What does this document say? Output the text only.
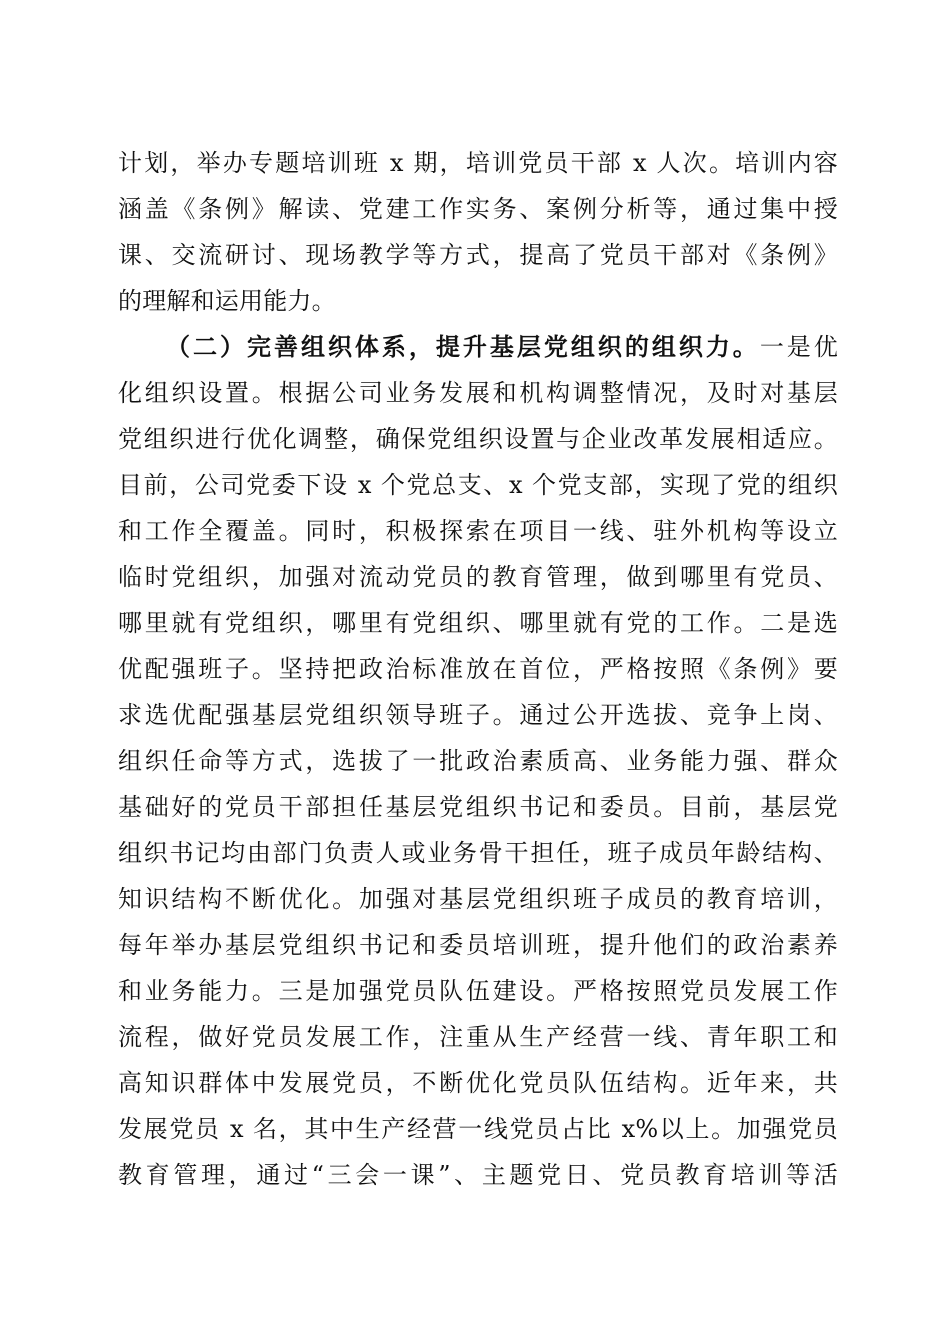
计划，举办专题培训班 x 期，培训党员干部 x 人次。培训内容
涵盖《条例》解读、党建工作实务、案例分析等，通过集中授
课、交流研讨、现场教学等方式，提高了党员干部对《条例》
的理解和运用能力。
（二）完善组织体系，提升基层党组织的组织力。一是优
化组织设置。根据公司业务发展和机构调整情况，及时对基层
党组织进行优化调整，确保党组织设置与企业改革发展相适应。
目前，公司党委下设 x 个党总支、x 个党支部，实现了党的组织
和工作全覆盖。同时，积极探索在项目一线、驻外机构等设立
临时党组织，加强对流动党员的教育管理，做到哪里有党员、
哪里就有党组织，哪里有党组织、哪里就有党的工作。二是选
优配强班子。坚持把政治标准放在首位，严格按照《条例》要
求选优配强基层党组织领导班子。通过公开选拔、竞争上岗、
组织任命等方式，选拔了一批政治素质高、业务能力强、群众
基础好的党员干部担任基层党组织书记和委员。目前，基层党
组织书记均由部门负责人或业务骨干担任，班子成员年龄结构、
知识结构不断优化。加强对基层党组织班子成员的教育培训，
每年举办基层党组织书记和委员培训班，提升他们的政治素养
和业务能力。三是加强党员队伍建设。严格按照党员发展工作
流程，做好党员发展工作，注重从生产经营一线、青年职工和
高知识群体中发展党员，不断优化党员队伍结构。近年来，共
发展党员 x 名，其中生产经营一线党员占比 x%以上。加强党员
教育管理，通过“三会一课”、主题党日、党员教育培训等活
